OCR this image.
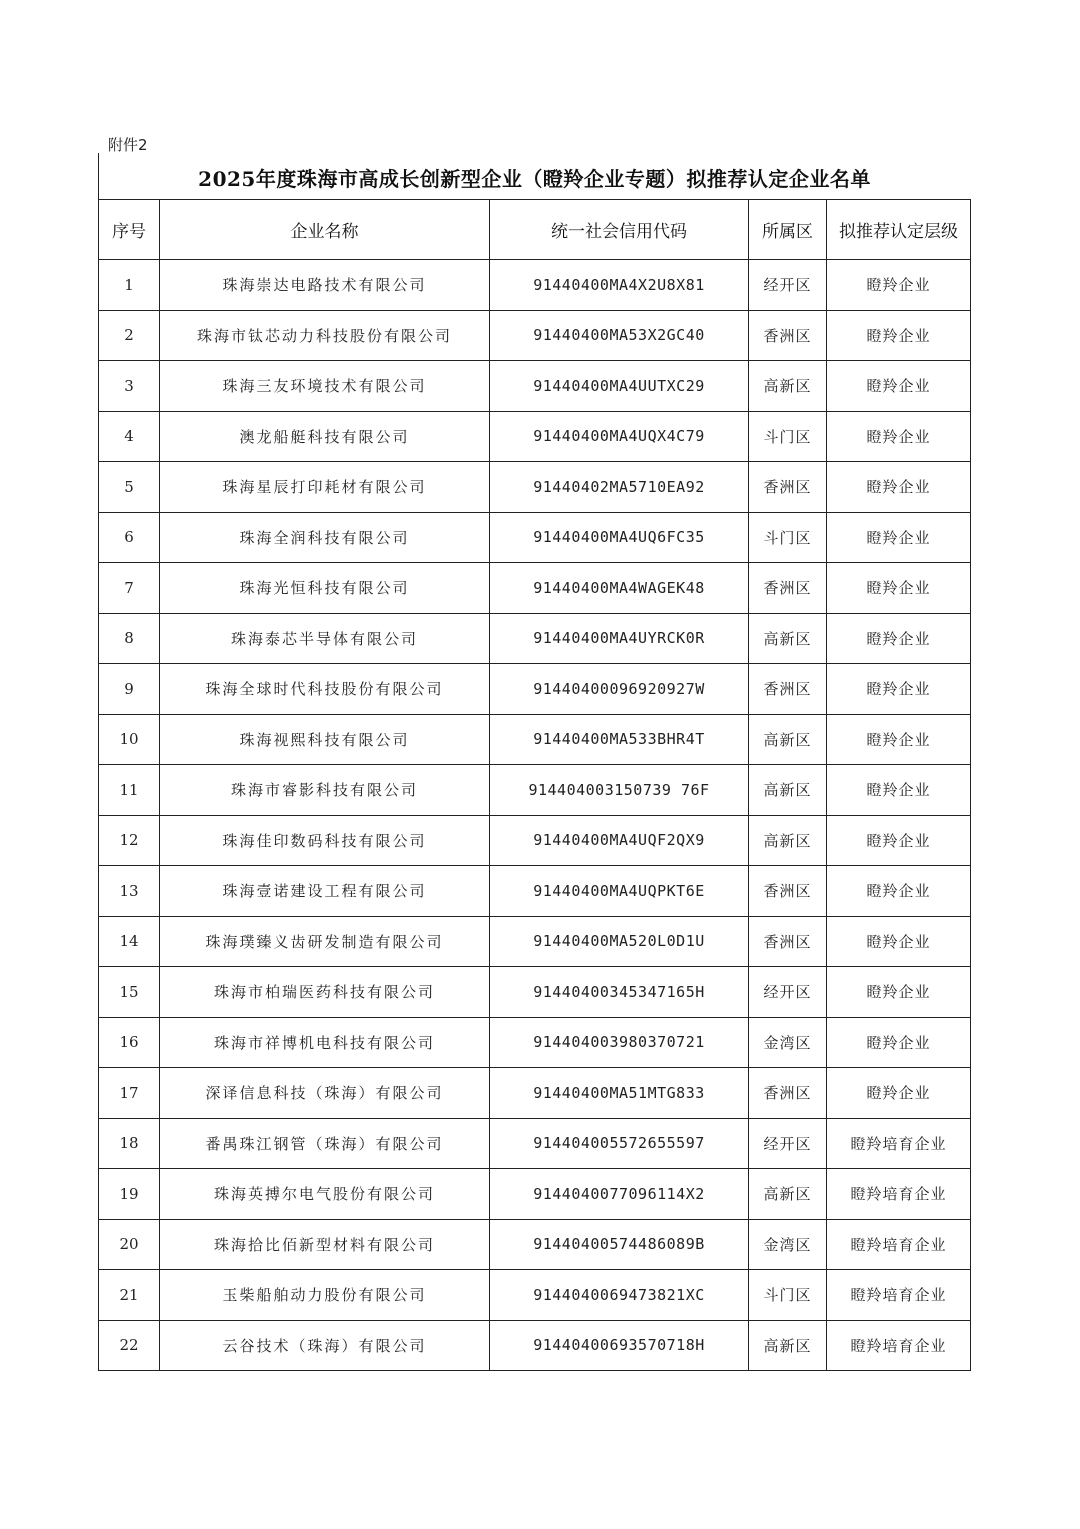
附件2
2025年度珠海市高成长创新型企业（瞪羚企业专题）拟推荐认定企业名单
序号	企业名称	统一社会信用代码	所属区	拟推荐认定层级
1	珠海崇达电路技术有限公司	91440400MA4X2U8X81	经开区	瞪羚企业
2	珠海市钛芯动力科技股份有限公司	91440400MA53X2GC40	香洲区	瞪羚企业
3	珠海三友环境技术有限公司	91440400MA4UUTXC29	高新区	瞪羚企业
4	澳龙船艇科技有限公司	91440400MA4UQX4C79	斗门区	瞪羚企业
5	珠海星辰打印耗材有限公司	91440402MA5710EA92	香洲区	瞪羚企业
6	珠海全润科技有限公司	91440400MA4UQ6FC35	斗门区	瞪羚企业
7	珠海光恒科技有限公司	91440400MA4WAGEK48	香洲区	瞪羚企业
8	珠海泰芯半导体有限公司	91440400MA4UYRCK0R	高新区	瞪羚企业
9	珠海全球时代科技股份有限公司	91440400096920927W	香洲区	瞪羚企业
10	珠海视熙科技有限公司	91440400MA533BHR4T	高新区	瞪羚企业
11	珠海市睿影科技有限公司	914404003150739 76F	高新区	瞪羚企业
12	珠海佳印数码科技有限公司	91440400MA4UQF2QX9	高新区	瞪羚企业
13	珠海壹诺建设工程有限公司	91440400MA4UQPKT6E	香洲区	瞪羚企业
14	珠海璞臻义齿研发制造有限公司	91440400MA520L0D1U	香洲区	瞪羚企业
15	珠海市柏瑞医药科技有限公司	91440400345347165H	经开区	瞪羚企业
16	珠海市祥博机电科技有限公司	914404003980370721	金湾区	瞪羚企业
17	深译信息科技（珠海）有限公司	91440400MA51MTG833	香洲区	瞪羚企业
18	番禺珠江钢管（珠海）有限公司	914404005572655597	经开区	瞪羚培育企业
19	珠海英搏尔电气股份有限公司	9144040077096114X2	高新区	瞪羚培育企业
20	珠海拾比佰新型材料有限公司	91440400574486089B	金湾区	瞪羚培育企业
21	玉柴船舶动力股份有限公司	9144040069473821XC	斗门区	瞪羚培育企业
22	云谷技术（珠海）有限公司	91440400693570718H	高新区	瞪羚培育企业
